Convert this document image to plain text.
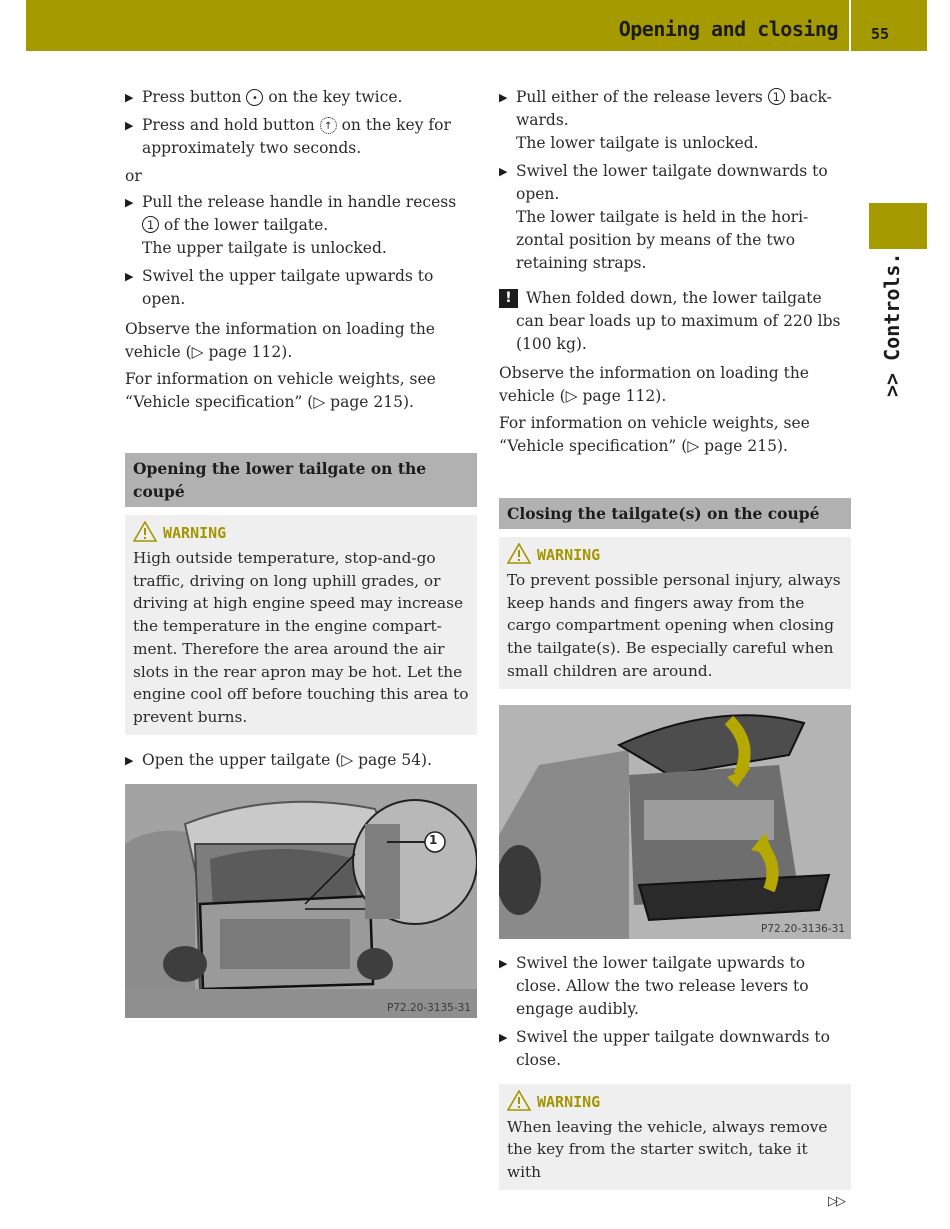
Opening and closing 55
>> Controls.
▶ Press button • on the key twice.
▶ Press and hold button ↑ on the key for approximately two seconds.
or
▶ Pull the release handle in handle recess 1 of the lower tailgate.
The upper tailgate is unlocked.
▶ Swivel the upper tailgate upwards to open.
Observe the information on loading the vehicle (▷ page 112).
For information on vehicle weights, see “Vehicle specification” (▷ page 215).
Opening the lower tailgate on the coupé
WARNING
High outside temperature, stop-and-go traffic, driving on long uphill grades, or driving at high engine speed may increase the temperature in the engine compart-ment. Therefore the area around the air slots in the rear apron may be hot. Let the engine cool off before touching this area to prevent burns.
▶ Open the upper tailgate (▷ page 54).
1
P72.20-3135-31
▶ Pull either of the release levers 1 back-wards.
The lower tailgate is unlocked.
▶ Swivel the lower tailgate downwards to open.
The lower tailgate is held in the hori-zontal position by means of the two retaining straps.
! When folded down, the lower tailgate can bear loads up to maximum of 220 lbs (100 kg).
Observe the information on loading the vehicle (▷ page 112).
For information on vehicle weights, see “Vehicle specification” (▷ page 215).
Closing the tailgate(s) on the coupé
WARNING
To prevent possible personal injury, always keep hands and fingers away from the cargo compartment opening when closing the tailgate(s). Be especially careful when small children are around.
P72.20-3136-31
▶ Swivel the lower tailgate upwards to close. Allow the two release levers to engage audibly.
▶ Swivel the upper tailgate downwards to close.
WARNING
When leaving the vehicle, always remove the key from the starter switch, take it with
▷▷
